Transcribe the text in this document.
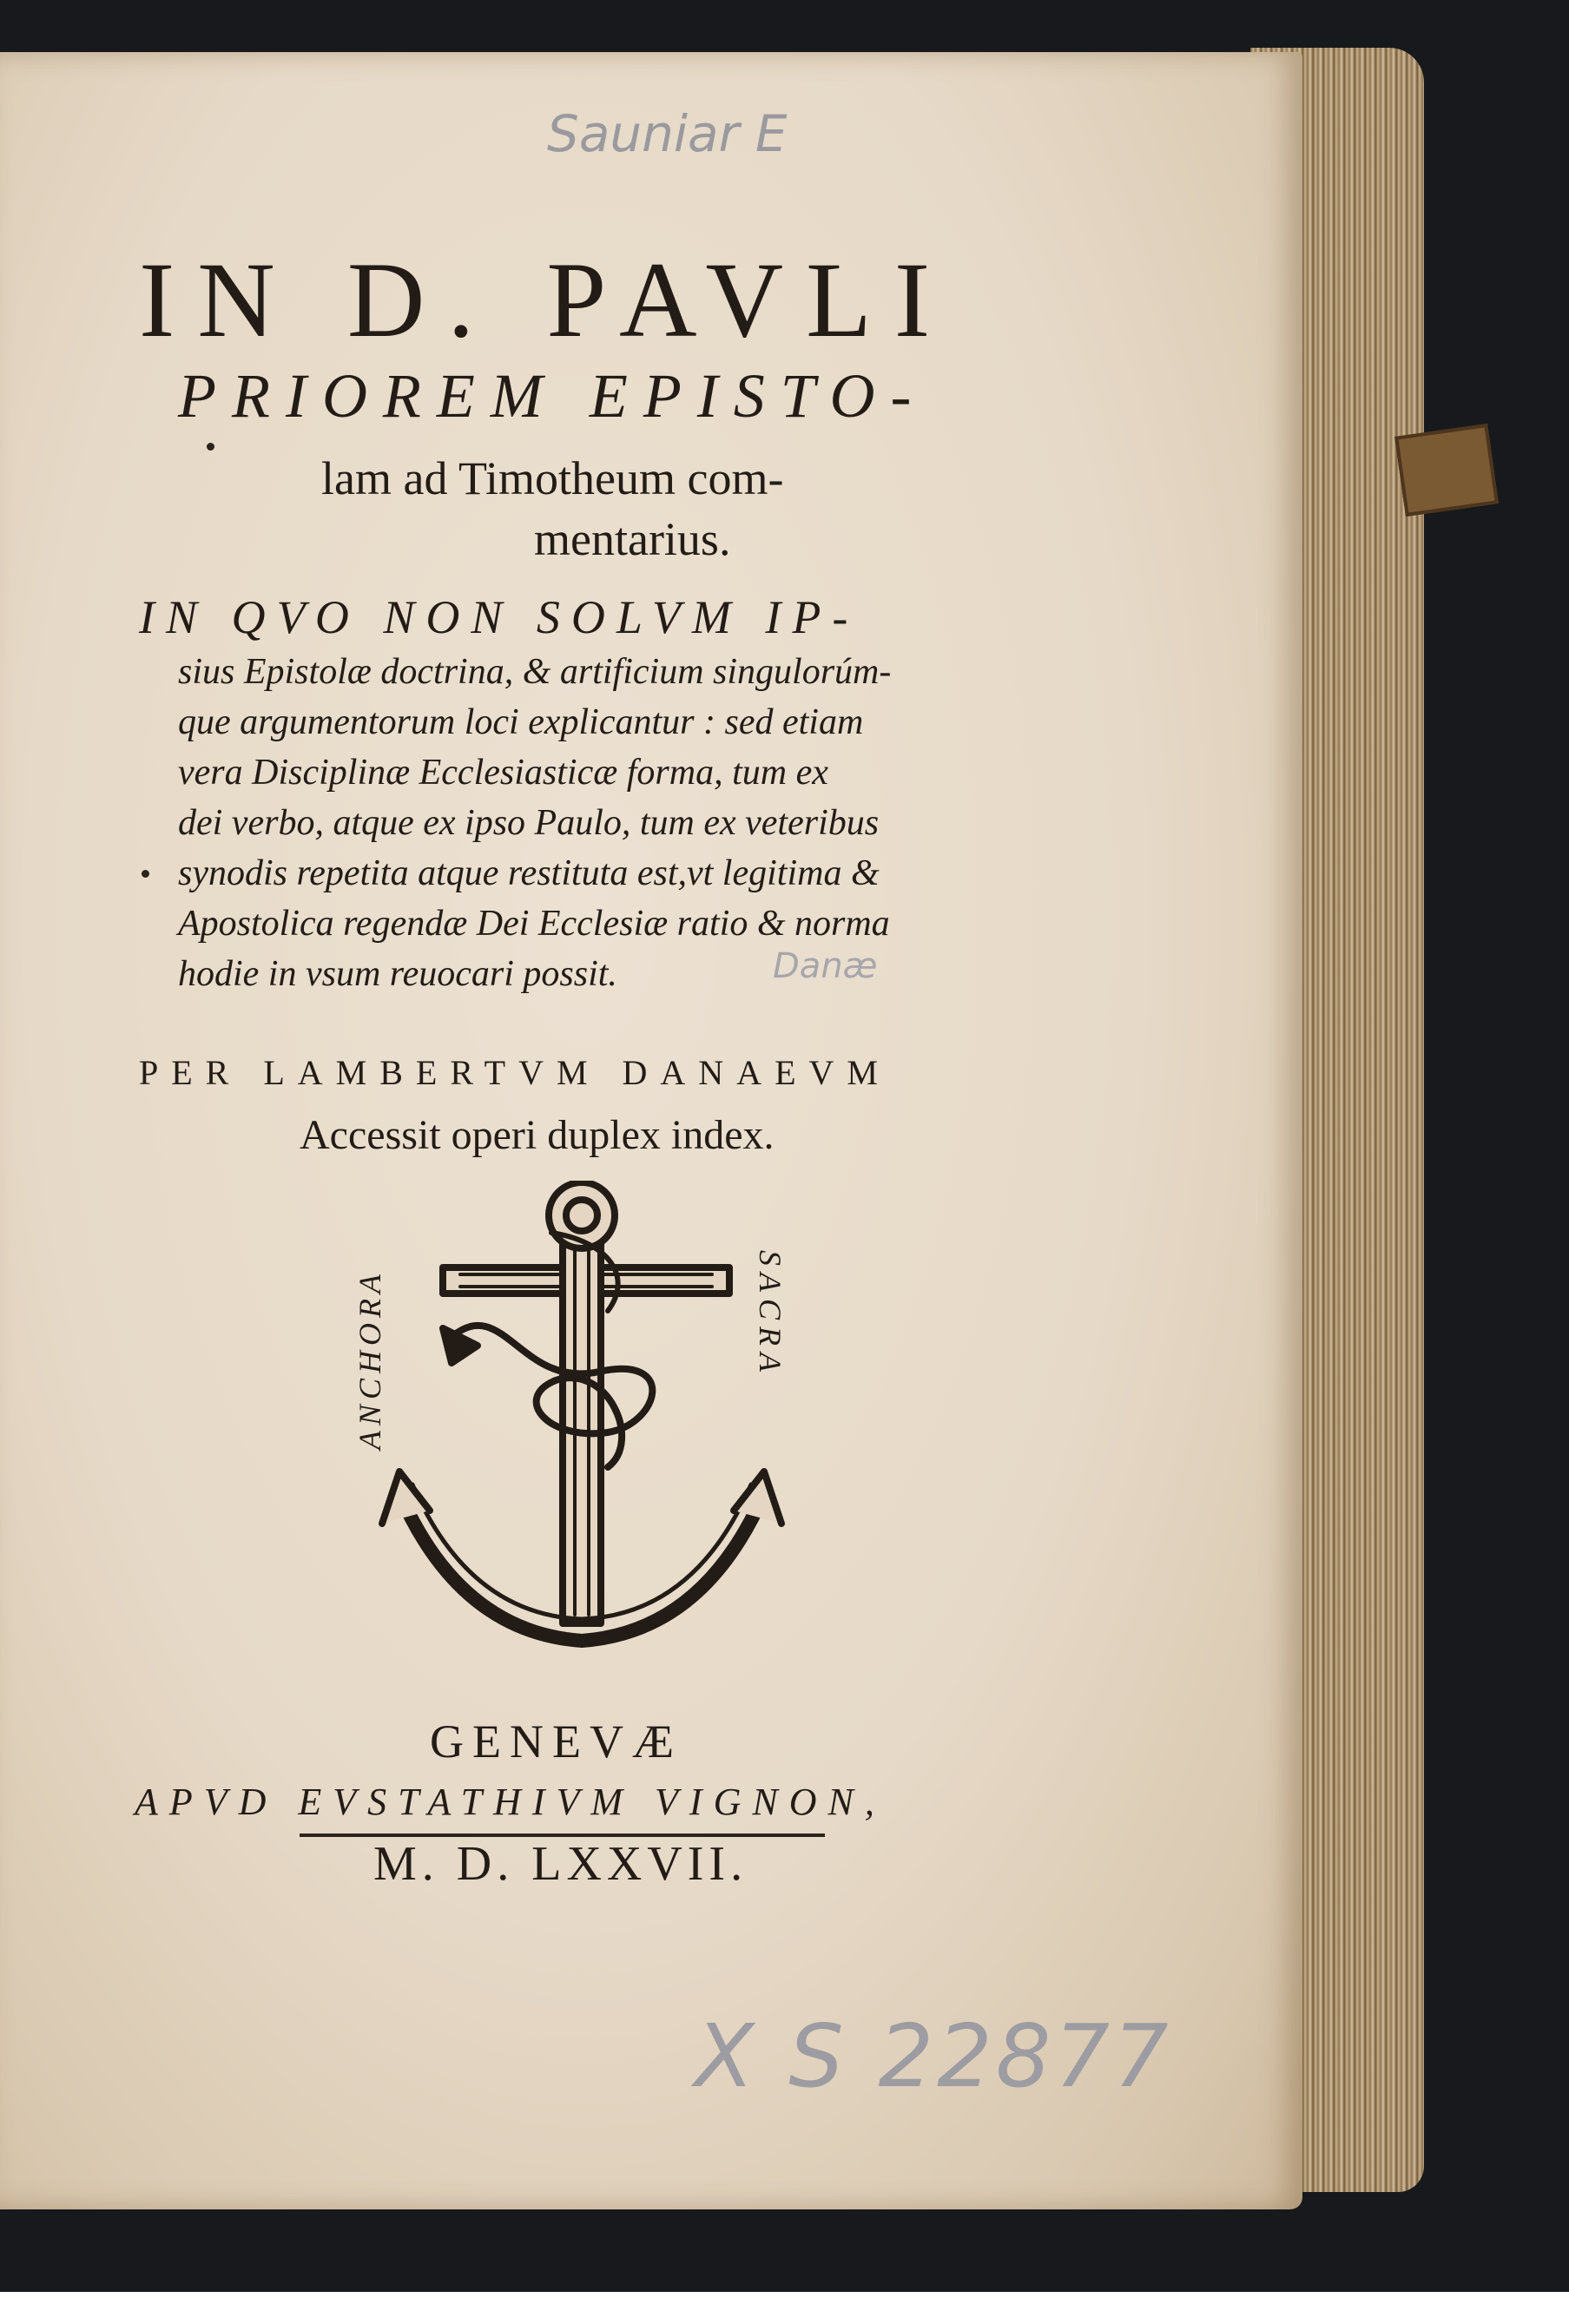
Sauniar E
IN D. PAVLI
PRIOREM EPISTO-
lam ad Timotheum com-
mentarius.
IN QVO NON SOLVM IP-
sius Epistolæ doctrina, & artificium singulorúm-
que argumentorum loci explicantur : sed etiam
vera Disciplinæ Ecclesiasticæ forma, tum ex
dei verbo, atque ex ipso Paulo, tum ex veteribus
synodis repetita atque restituta est,vt legitima &
Apostolica regendæ Dei Ecclesiæ ratio & norma
hodie in vsum reuocari possit.	Danæ
PER LAMBERTVM DANAEVM
Accessit operi duplex index.
ANCHORA	SACRA
GENEVÆ
APVD EVSTATHIVM VIGNON,
M. D. LXXVII.
X S 22877
